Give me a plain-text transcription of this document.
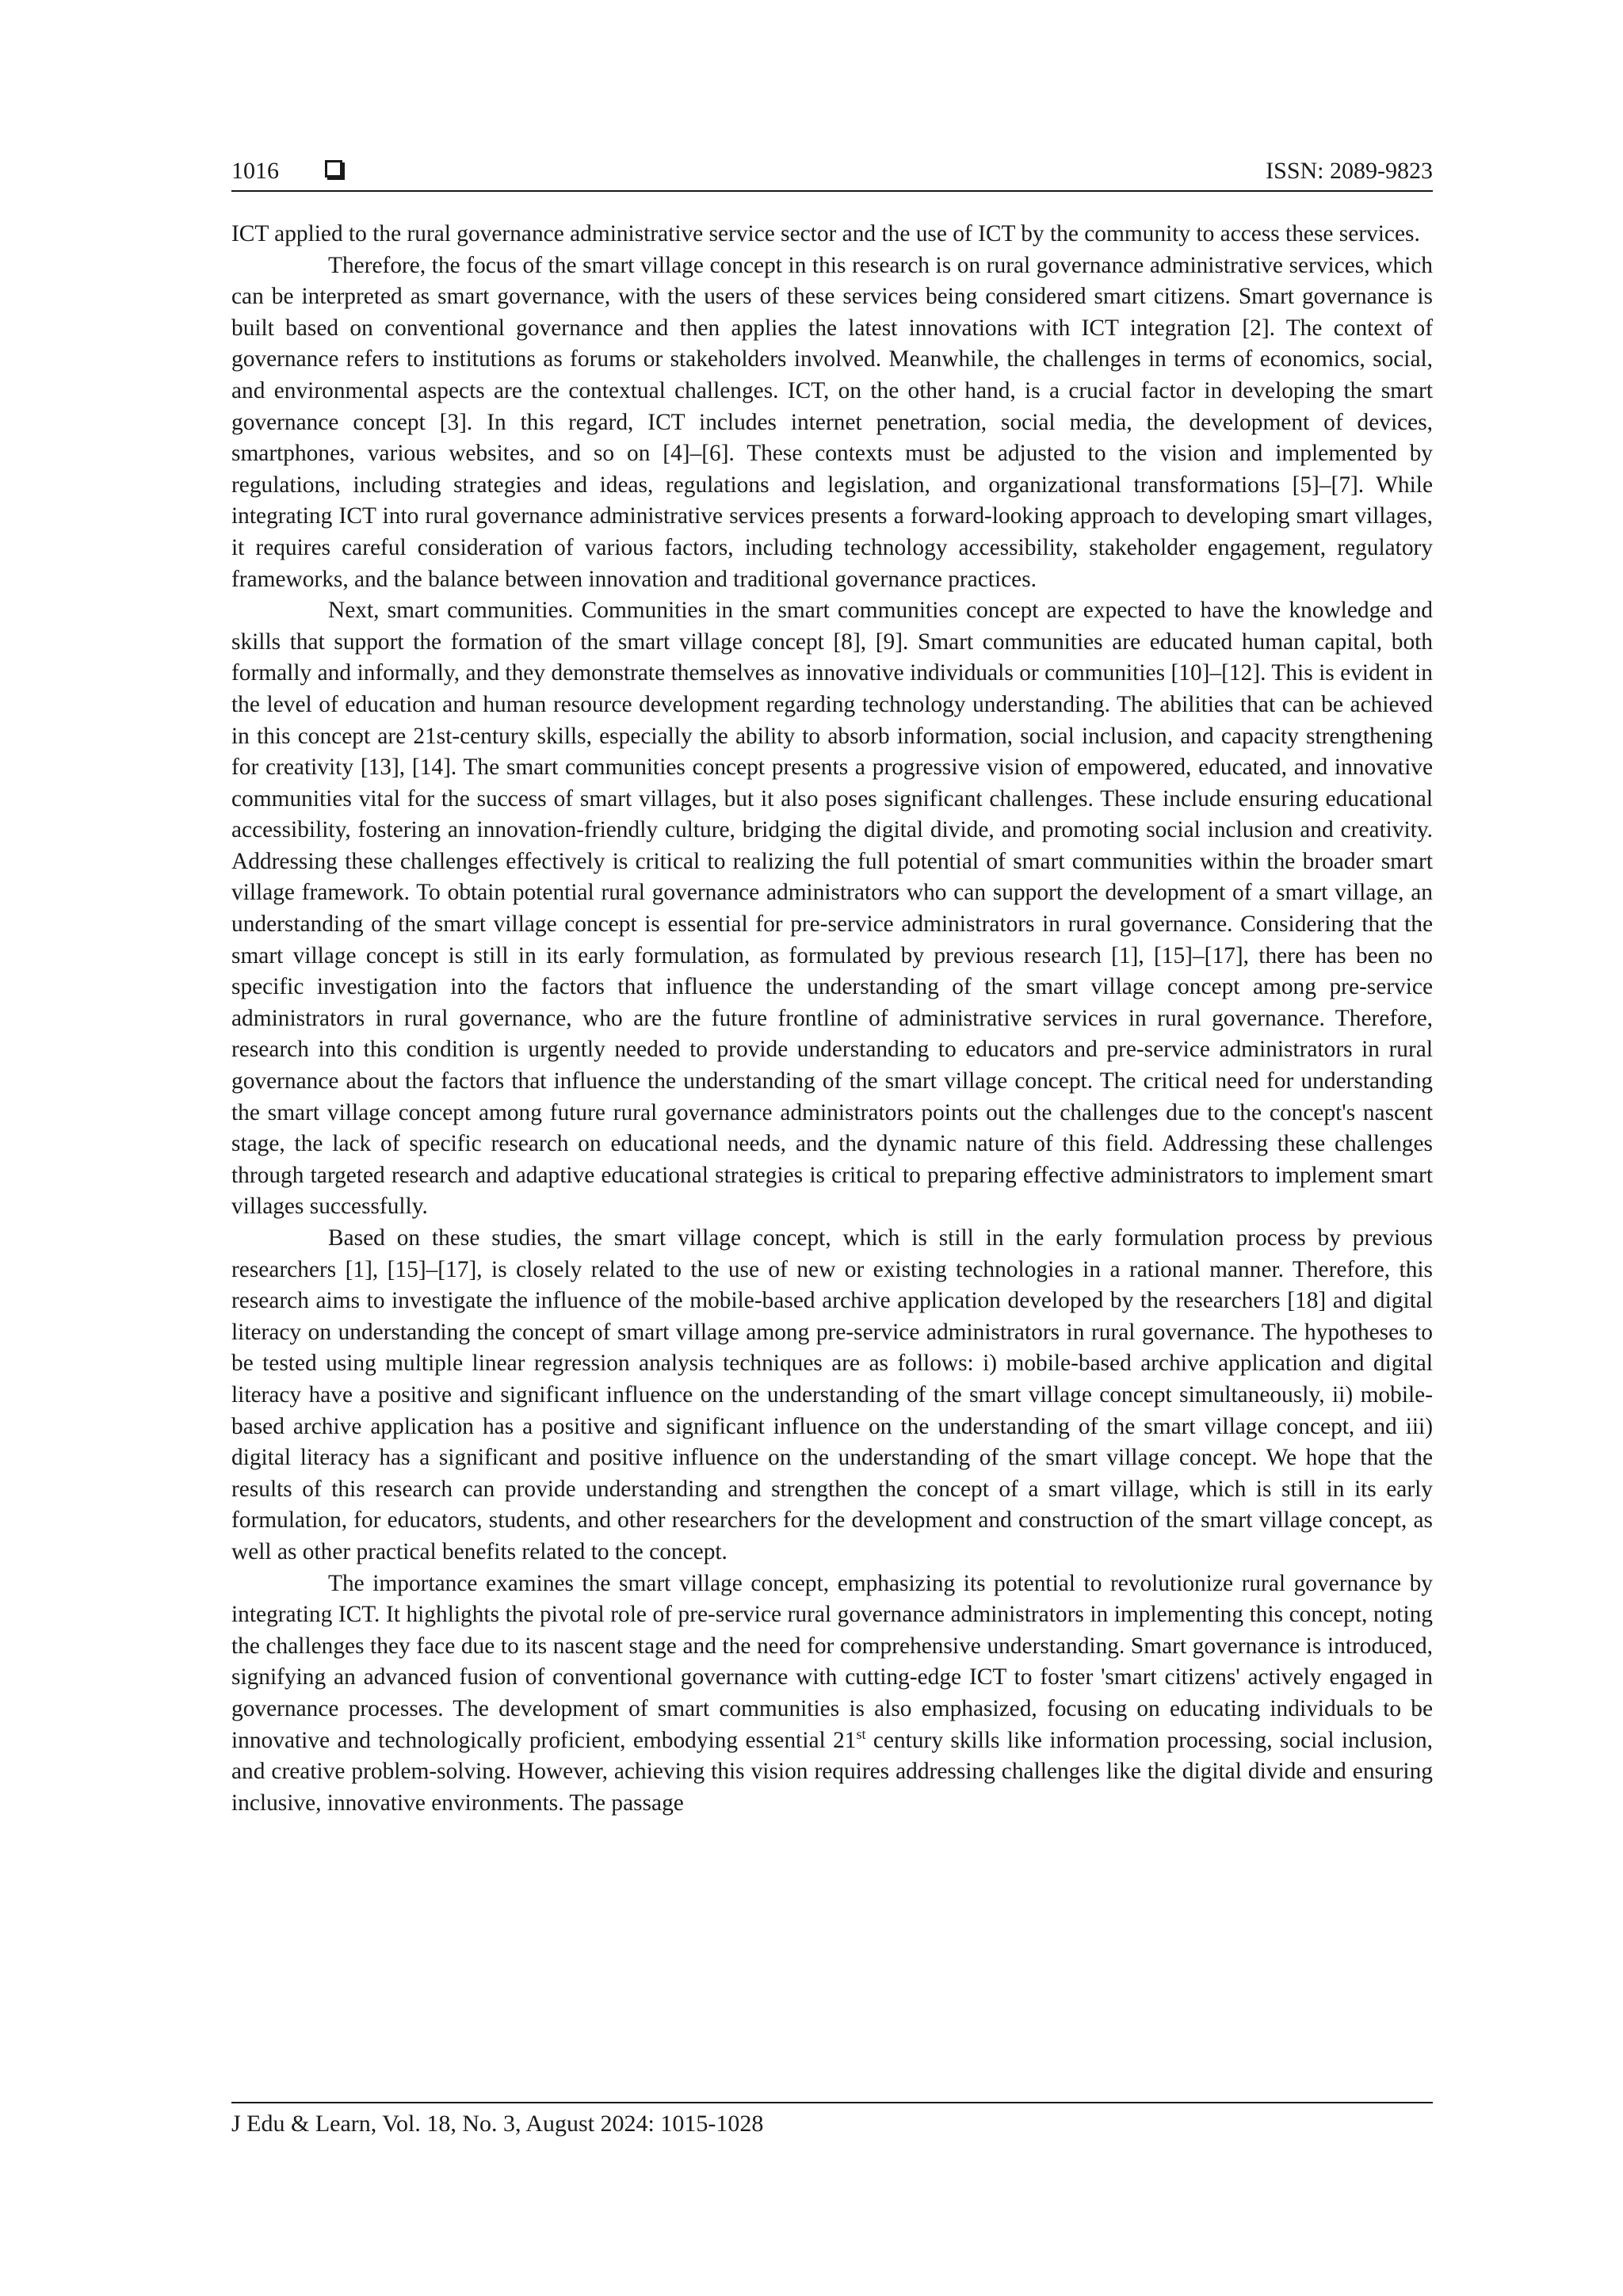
1016	ISSN: 2089-9823

ICT applied to the rural governance administrative service sector and the use of ICT by the community to access these services.

Therefore, the focus of the smart village concept in this research is on rural governance administrative services, which can be interpreted as smart governance, with the users of these services being considered smart citizens. Smart governance is built based on conventional governance and then applies the latest innovations with ICT integration [2]. The context of governance refers to institutions as forums or stakeholders involved. Meanwhile, the challenges in terms of economics, social, and environmental aspects are the contextual challenges. ICT, on the other hand, is a crucial factor in developing the smart governance concept [3]. In this regard, ICT includes internet penetration, social media, the development of devices, smartphones, various websites, and so on [4]–[6]. These contexts must be adjusted to the vision and implemented by regulations, including strategies and ideas, regulations and legislation, and organizational transformations [5]–[7]. While integrating ICT into rural governance administrative services presents a forward-looking approach to developing smart villages, it requires careful consideration of various factors, including technology accessibility, stakeholder engagement, regulatory frameworks, and the balance between innovation and traditional governance practices.

Next, smart communities. Communities in the smart communities concept are expected to have the knowledge and skills that support the formation of the smart village concept [8], [9]. Smart communities are educated human capital, both formally and informally, and they demonstrate themselves as innovative individuals or communities [10]–[12]. This is evident in the level of education and human resource development regarding technology understanding. The abilities that can be achieved in this concept are 21st-century skills, especially the ability to absorb information, social inclusion, and capacity strengthening for creativity [13], [14]. The smart communities concept presents a progressive vision of empowered, educated, and innovative communities vital for the success of smart villages, but it also poses significant challenges. These include ensuring educational accessibility, fostering an innovation-friendly culture, bridging the digital divide, and promoting social inclusion and creativity. Addressing these challenges effectively is critical to realizing the full potential of smart communities within the broader smart village framework. To obtain potential rural governance administrators who can support the development of a smart village, an understanding of the smart village concept is essential for pre-service administrators in rural governance. Considering that the smart village concept is still in its early formulation, as formulated by previous research [1], [15]–[17], there has been no specific investigation into the factors that influence the understanding of the smart village concept among pre-service administrators in rural governance, who are the future frontline of administrative services in rural governance. Therefore, research into this condition is urgently needed to provide understanding to educators and pre-service administrators in rural governance about the factors that influence the understanding of the smart village concept. The critical need for understanding the smart village concept among future rural governance administrators points out the challenges due to the concept's nascent stage, the lack of specific research on educational needs, and the dynamic nature of this field. Addressing these challenges through targeted research and adaptive educational strategies is critical to preparing effective administrators to implement smart villages successfully.

Based on these studies, the smart village concept, which is still in the early formulation process by previous researchers [1], [15]–[17], is closely related to the use of new or existing technologies in a rational manner. Therefore, this research aims to investigate the influence of the mobile-based archive application developed by the researchers [18] and digital literacy on understanding the concept of smart village among pre-service administrators in rural governance. The hypotheses to be tested using multiple linear regression analysis techniques are as follows: i) mobile-based archive application and digital literacy have a positive and significant influence on the understanding of the smart village concept simultaneously, ii) mobile-based archive application has a positive and significant influence on the understanding of the smart village concept, and iii) digital literacy has a significant and positive influence on the understanding of the smart village concept. We hope that the results of this research can provide understanding and strengthen the concept of a smart village, which is still in its early formulation, for educators, students, and other researchers for the development and construction of the smart village concept, as well as other practical benefits related to the concept.

The importance examines the smart village concept, emphasizing its potential to revolutionize rural governance by integrating ICT. It highlights the pivotal role of pre-service rural governance administrators in implementing this concept, noting the challenges they face due to its nascent stage and the need for comprehensive understanding. Smart governance is introduced, signifying an advanced fusion of conventional governance with cutting-edge ICT to foster 'smart citizens' actively engaged in governance processes. The development of smart communities is also emphasized, focusing on educating individuals to be innovative and technologically proficient, embodying essential 21st century skills like information processing, social inclusion, and creative problem-solving. However, achieving this vision requires addressing challenges like the digital divide and ensuring inclusive, innovative environments. The passage

J Edu & Learn, Vol. 18, No. 3, August 2024: 1015-1028
